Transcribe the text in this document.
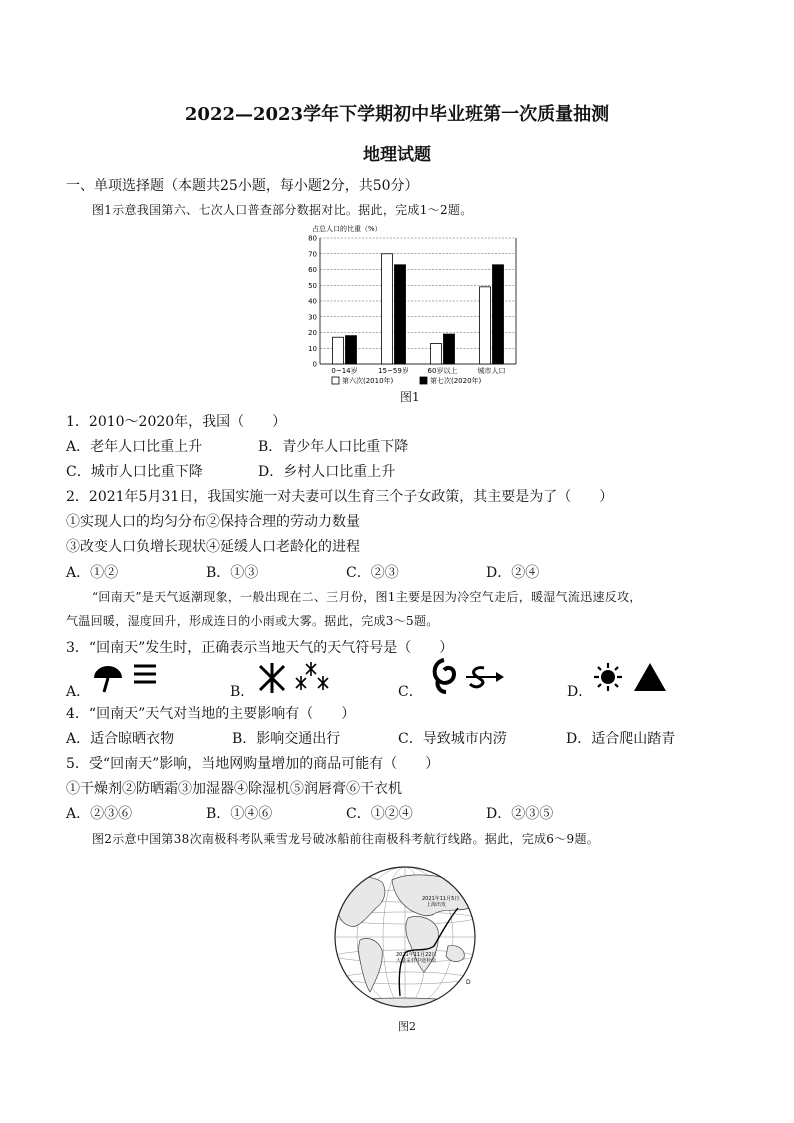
2022—2023学年下学期初中毕业班第一次质量抽测
地理试题
一、单项选择题（本题共25小题，每小题2分，共50分）
图1示意我国第六、七次人口普查部分数据对比。据此，完成1～2题。
占总人口的比重（%）
0
10
20
30
40
50
60
70
80
0~14岁	15~59岁	60岁以上	城市人口
第六次(2010年)	第七次(2020年)
图1
1．2010～2020年，我国（　　）
A．老年人口比重上升	B．青少年人口比重下降
C．城市人口比重下降	D．乡村人口比重上升
2．2021年5月31日，我国实施一对夫妻可以生育三个子女政策，其主要是为了（　　）
①实现人口的均匀分布②保持合理的劳动力数量
③改变人口负增长现状④延缓人口老龄化的进程
A．①②	B．①③	C．②③	D．②④
“回南天”是天气返潮现象，一般出现在二、三月份，图1主要是因为冷空气走后，暖湿气流迅速反攻，
气温回暖，湿度回升，形成连日的小雨或大雾。据此，完成3～5题。
3．“回南天”发生时，正确表示当地天气的天气符号是（　　）
A．	B．	C．	D．
4．“回南天”天气对当地的主要影响有（　　）
A．适合晾晒衣物	B．影响交通出行	C．导致城市内涝	D．适合爬山踏青
5．受“回南天”影响，当地网购量增加的商品可能有（　　）
①干燥剂②防晒霜③加湿器④除湿机⑤润唇膏⑥干衣机
A．②③⑥	B．①④⑥	C．①②④	D．②③⑤
图2示意中国第38次南极科考队乘雪龙号破冰船前往南极科考航行线路。据此，完成6～9题。
2021年11月5日
上海出发
2021年11月22日
大量采样中途补给
D
图2
